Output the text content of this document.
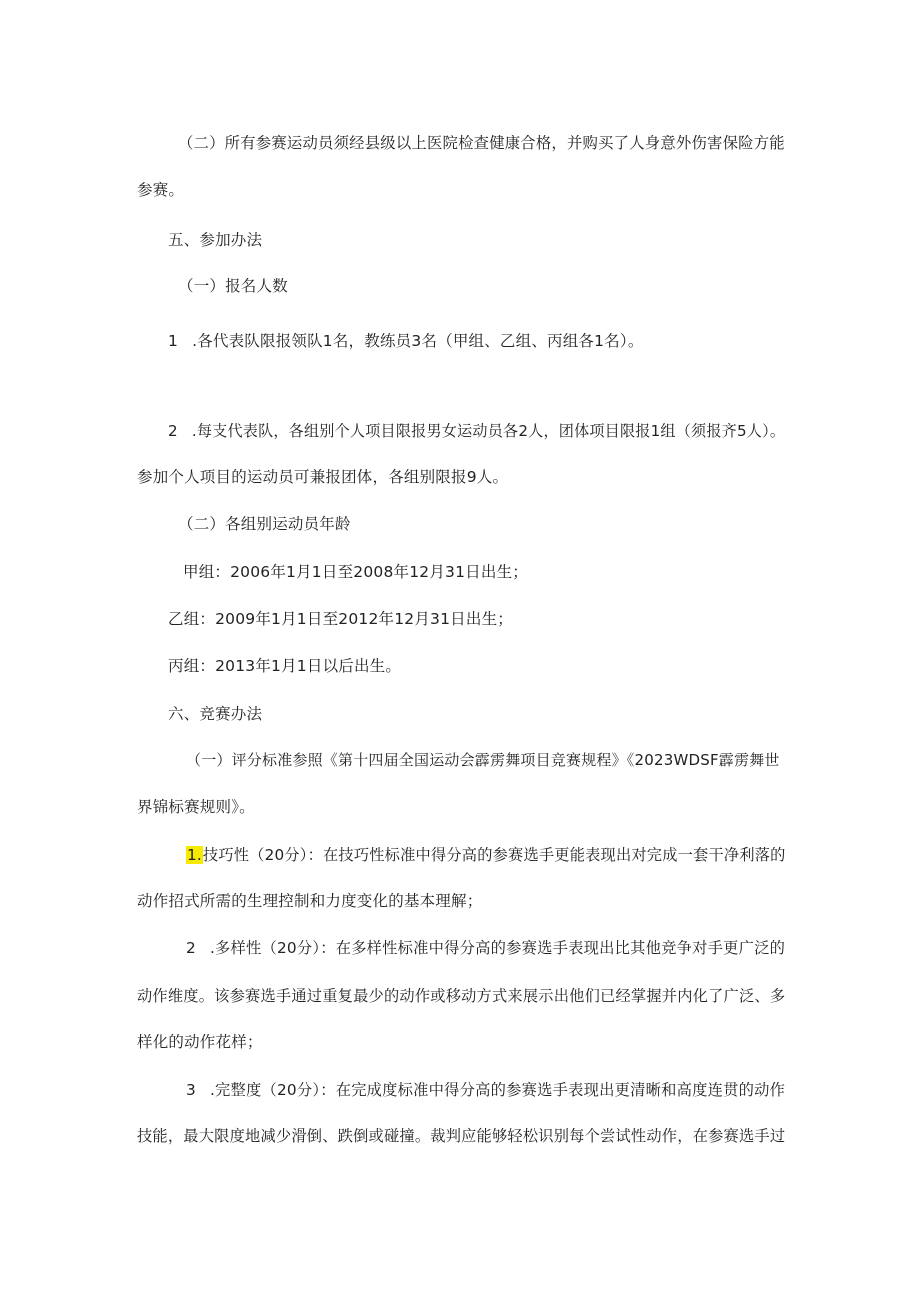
（二）所有参赛运动员须经县级以上医院检查健康合格，并购买了人身意外伤害保险方能
参赛。
五、参加办法
（一）报名人数
1 .各代表队限报领队1名，教练员3名（甲组、乙组、丙组各1名）。
2 .每支代表队，各组别个人项目限报男女运动员各2人，团体项目限报1组（须报齐5人）。
参加个人项目的运动员可兼报团体，各组别限报9人。
（二）各组别运动员年龄
甲组：2006年1月1日至2008年12月31日出生；
乙组：2009年1月1日至2012年12月31日出生；
丙组：2013年1月1日以后出生。
六、竞赛办法
（一）评分标准参照《第十四届全国运动会霹雳舞项目竞赛规程》《2023WDSF霹雳舞世
界锦标赛规则》。
1.技巧性（20分）：在技巧性标准中得分高的参赛选手更能表现出对完成一套干净利落的
动作招式所需的生理控制和力度变化的基本理解；
2 .多样性（20分）：在多样性标准中得分高的参赛选手表现出比其他竞争对手更广泛的
动作维度。该参赛选手通过重复最少的动作或移动方式来展示出他们已经掌握并内化了广泛、多
样化的动作花样；
3 .完整度（20分）：在完成度标准中得分高的参赛选手表现出更清晰和高度连贯的动作
技能，最大限度地减少滑倒、跌倒或碰撞。裁判应能够轻松识别每个尝试性动作，在参赛选手过
